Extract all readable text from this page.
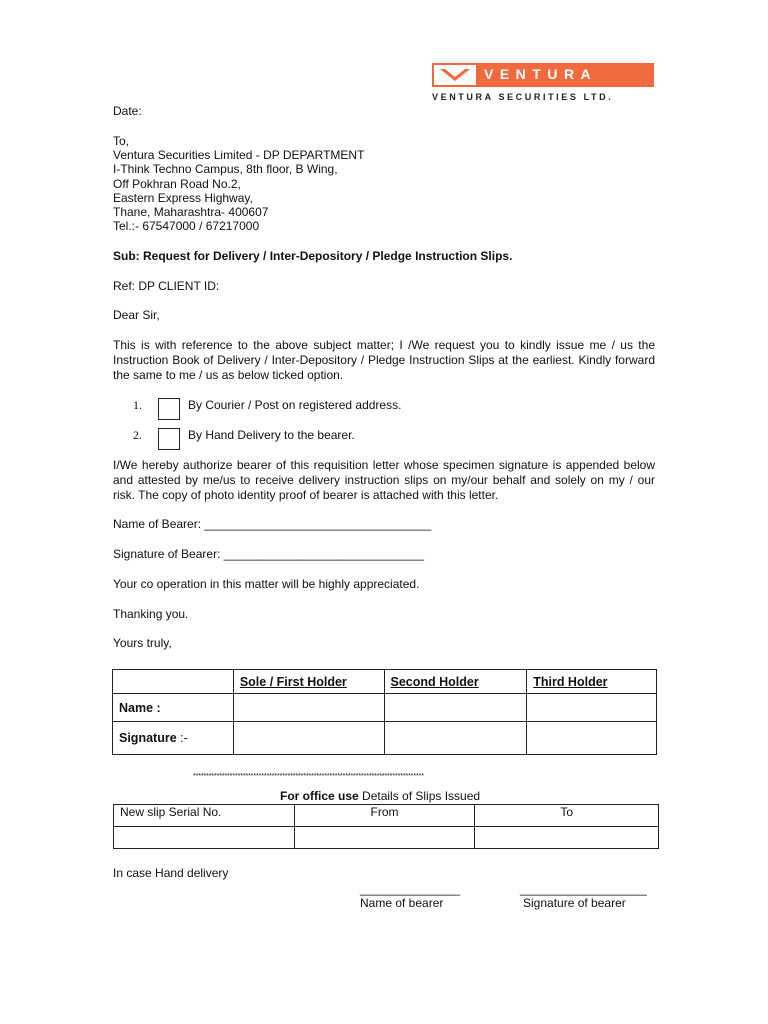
VENTURA
VENTURA SECURITIES LTD.
Date:
To,
Ventura Securities Limited - DP DEPARTMENT
I-Think Techno Campus, 8th floor, B Wing,
Off Pokhran Road No.2,
Eastern Express Highway,
Thane, Maharashtra- 400607
Tel.:- 67547000 / 67217000
Sub: Request for Delivery / Inter-Depository / Pledge Instruction Slips.
Ref: DP CLIENT ID:
Dear Sir,
This is with reference to the above subject matter; I /We request you to kindly issue me / us the Instruction Book of Delivery / Inter-Depository / Pledge Instruction Slips at the earliest. Kindly forward the same to me / us as below ticked option.
1.	By Courier / Post on registered address.
2.	By Hand Delivery to the bearer.
I/We hereby authorize bearer of this requisition letter whose specimen signature is appended below and attested by me/us to receive delivery instruction slips on my/our behalf and solely on my / our risk. The copy of photo identity proof of bearer is attached with this letter.
Name of Bearer: __________________________________
Signature of Bearer: ______________________________
Your co operation in this matter will be highly appreciated.
Thanking you.
Yours truly,
	Sole / First Holder	Second Holder	Third Holder
Name :			
Signature :-			
****************************************************************************************
For office use Details of Slips Issued
New slip Serial No.	From	To

In case Hand delivery
_______________	___________________
Name of bearer	Signature of bearer
